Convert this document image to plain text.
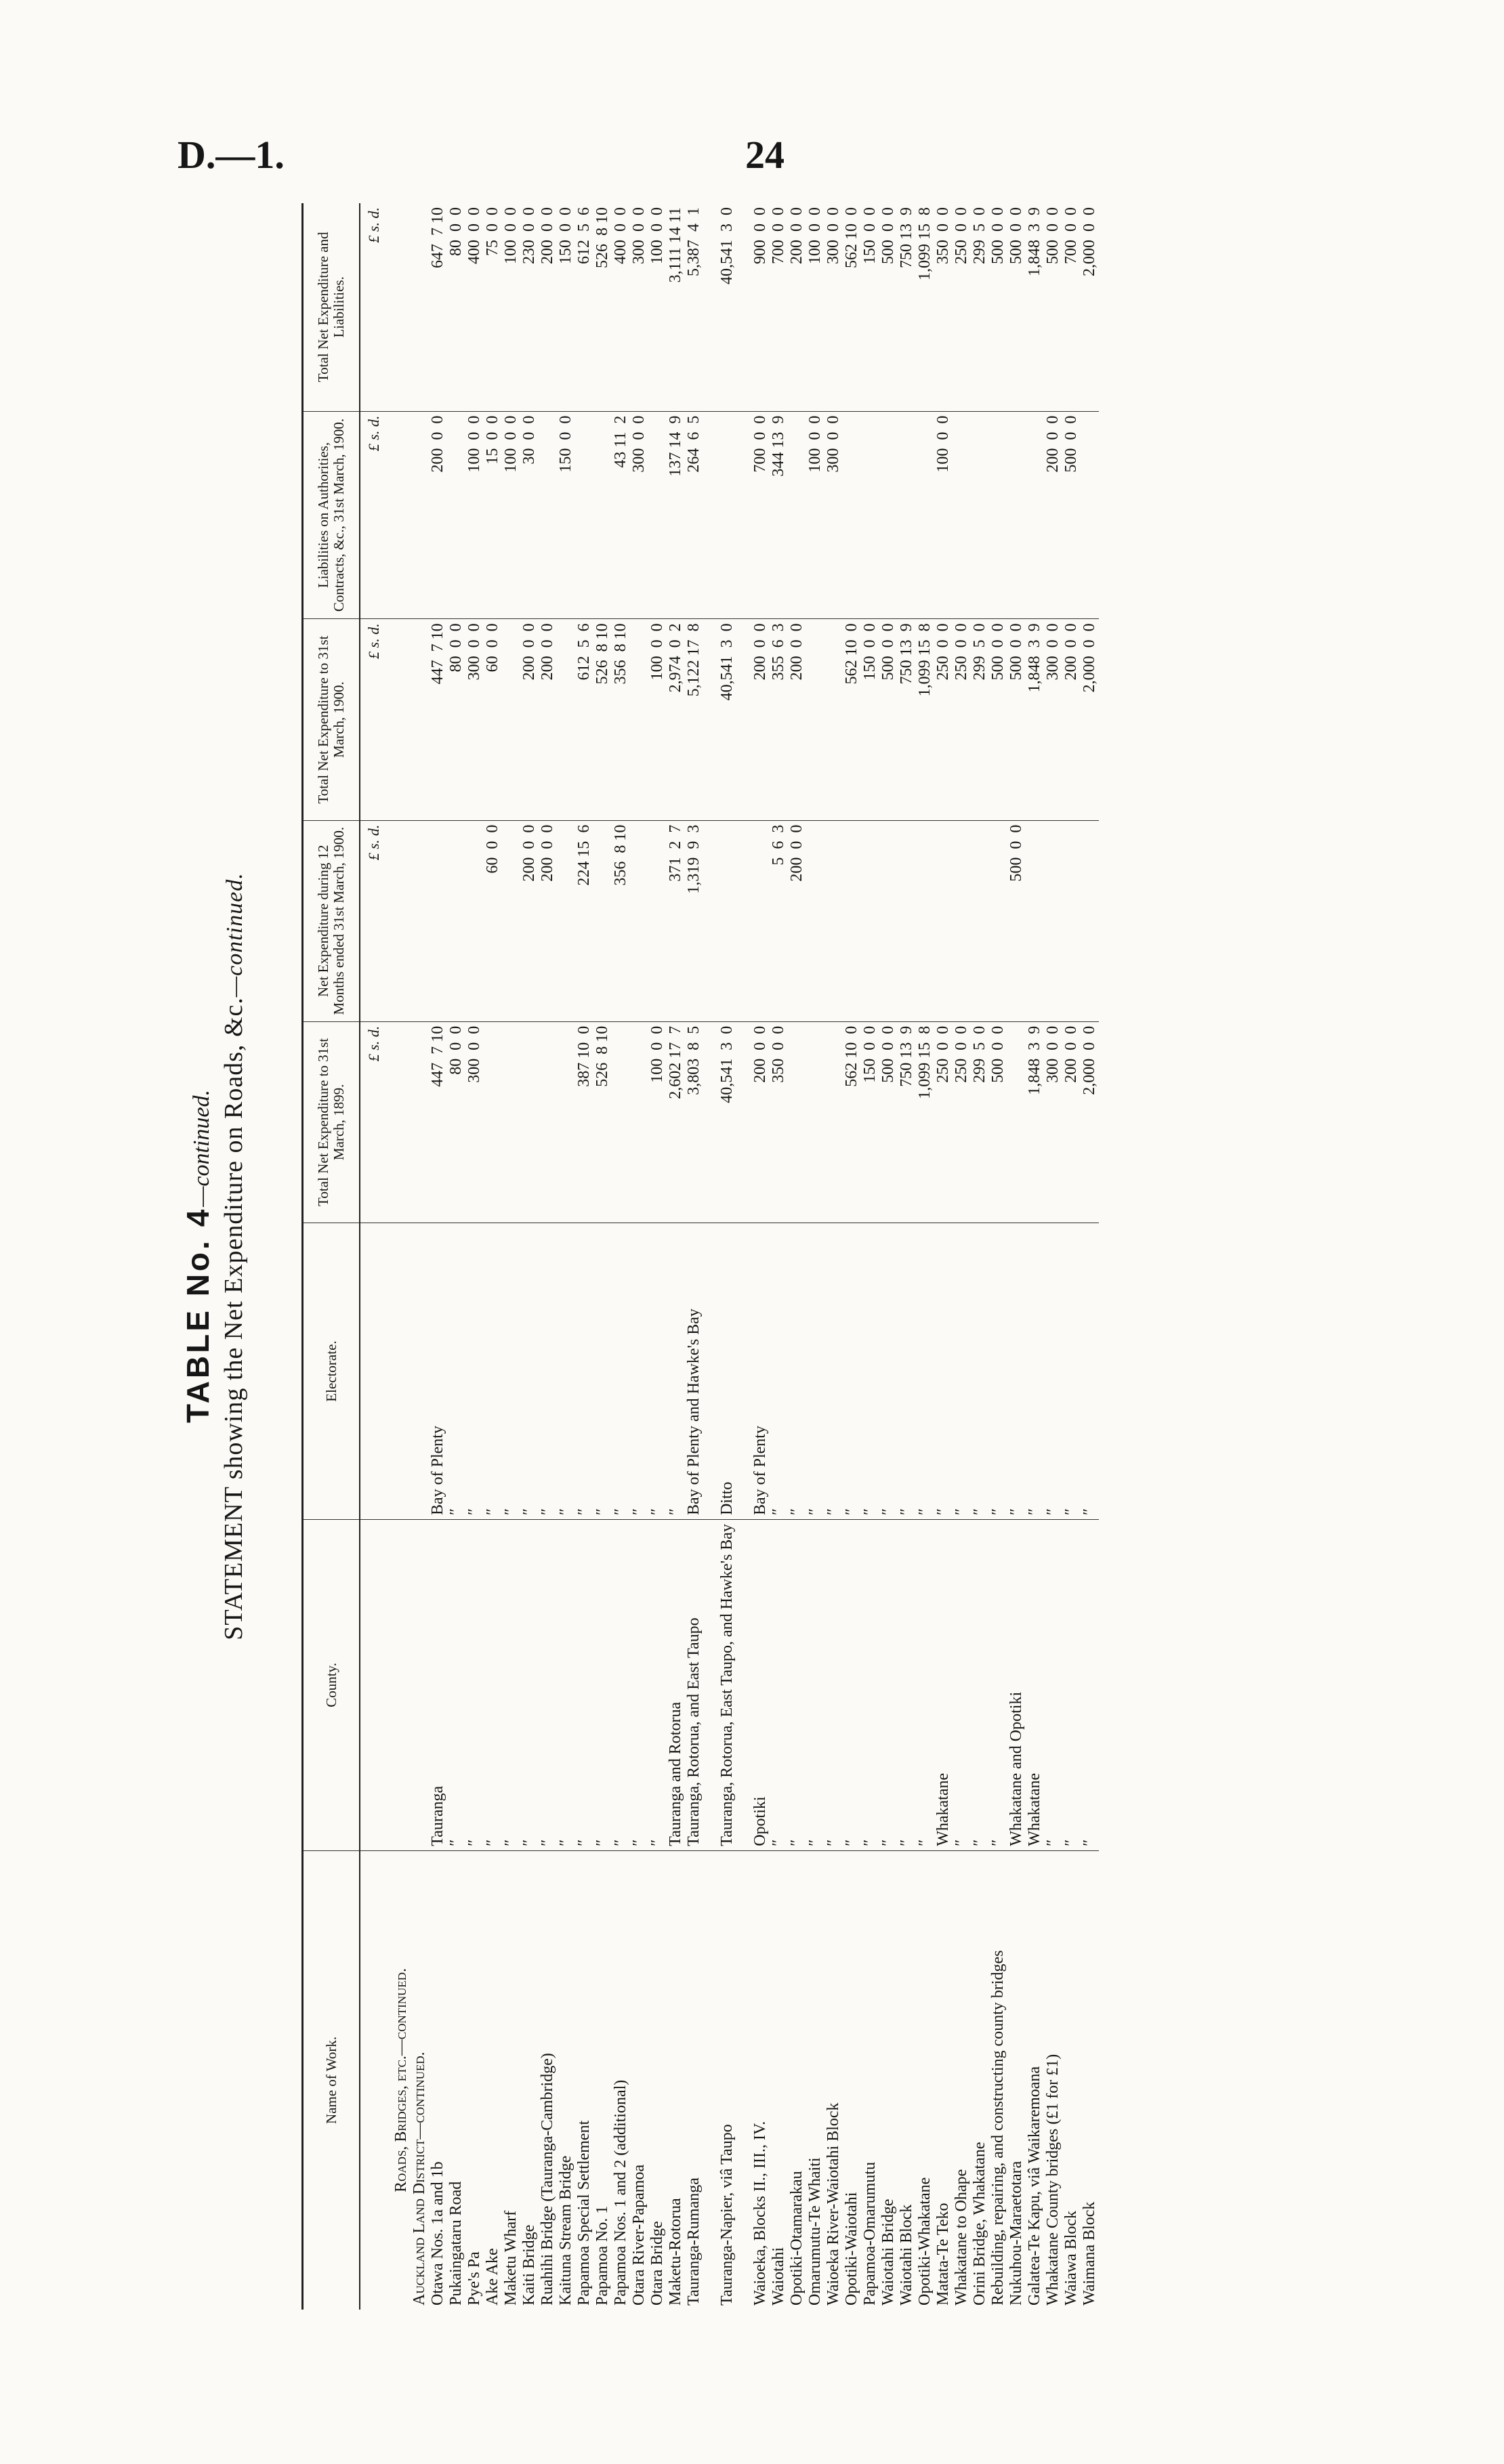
D.—1.	24
TABLE No. 4—continued. STATEMENT showing the Net Expenditure on Roads, &c.—continued.
Name of Work.	County.	Electorate.	Total Net Expenditure to 31st March, 1899.	Net Expenditure during 12 Months ended 31st March, 1900.	Total Net Expenditure to 31st March, 1900.	Liabilities on Authorities, Contracts, &c., 31st March, 1900.	Total Net Expenditure and Liabilities.
			£ s. d.	£ s. d.	£ s. d.	£ s. d.	£ s. d.
Roads, Bridges, etc.—continued.							
Auckland Land District—continued.							
Otawa Nos. 1a and 1b	Tauranga	Bay of Plenty	447  7 10		447  7 10	200  0  0	647  7 10
Pukaingataru Road	″	″	80  0  0		80  0  0		80  0  0
Pye's Pa	″	″	300  0  0		300  0  0	100  0  0	400  0  0
Ake Ake	″	″		60  0  0	60  0  0	15  0  0	75  0  0
Maketu Wharf	″	″				100  0  0	100  0  0
Kaiti Bridge	″	″		200  0  0	200  0  0	30  0  0	230  0  0
Ruahihi Bridge (Tauranga-Cambridge)	″	″		200  0  0	200  0  0		200  0  0
Kaituna Stream Bridge	″	″				150  0  0	150  0  0
Papamoa Special Settlement	″	″	387 10  0	224 15  6	612  5  6		612  5  6
Papamoa No. 1	″	″	526  8 10		526  8 10		526  8 10
Papamoa Nos. 1 and 2 (additional)	″	″		356  8 10	356  8 10	43 11  2	400  0  0
Otara River-Papamoa	″	″				300  0  0	300  0  0
Otara Bridge	″	″	100  0  0		100  0  0		100  0  0
Maketu-Rotorua	Tauranga and Rotorua	″	2,602 17  7	371  2  7	2,974  0  2	137 14  9	3,111 14 11
Tauranga-Rumanga	Tauranga, Rotorua, and East Taupo	Bay of Plenty and Hawke's Bay	3,803  8  5	1,319  9  3	5,122 17  8	264  6  5	5,387  4  1

Tauranga-Napier, viâ Taupo	Tauranga, Rotorua, East Taupo, and Hawke's Bay	Ditto	40,541  3  0		40,541  3  0		40,541  3  0

Waioeka, Blocks II., III., IV.	Opotiki	Bay of Plenty	200  0  0		200  0  0	700  0  0	900  0  0
Waiotahi	″	″	350  0  0	5  6  3	355  6  3	344 13  9	700  0  0
Opotiki-Otamarakau	″	″		200  0  0	200  0  0		200  0  0
Omarumutu-Te Whaiti	″	″				100  0  0	100  0  0
Waioeka River-Waiotahi Block	″	″				300  0  0	300  0  0
Opotiki-Waiotahi	″	″	562 10  0		562 10  0		562 10  0
Papamoa-Omarumutu	″	″	150  0  0		150  0  0		150  0  0
Waiotahi Bridge	″	″	500  0  0		500  0  0		500  0  0
Waiotahi Block	″	″	750 13  9		750 13  9		750 13  9
Opotiki-Whakatane	″	″	1,099 15  8		1,099 15  8		1,099 15  8
Matata-Te Teko	Whakatane	″	250  0  0		250  0  0	100  0  0	350  0  0
Whakatane to Ohape	″	″	250  0  0		250  0  0		250  0  0
Orini Bridge, Whakatane	″	″	299  5  0		299  5  0		299  5  0
Rebuilding, repairing, and constructing county bridges	″	″	500  0  0		500  0  0		500  0  0
Nukuhou-Maraetotara	Whakatane and Opotiki	″		500  0  0	500  0  0		500  0  0
Galatea-Te Kapu, viâ Waikaremoana	Whakatane	″	1,848  3  9		1,848  3  9		1,848  3  9
Whakatane County bridges (£1 for £1)	″	″	300  0  0		300  0  0	200  0  0	500  0  0
Waiawa Block	″	″	200  0  0		200  0  0	500  0  0	700  0  0
Waimana Block	″	″	2,000  0  0		2,000  0  0		2,000  0  0
